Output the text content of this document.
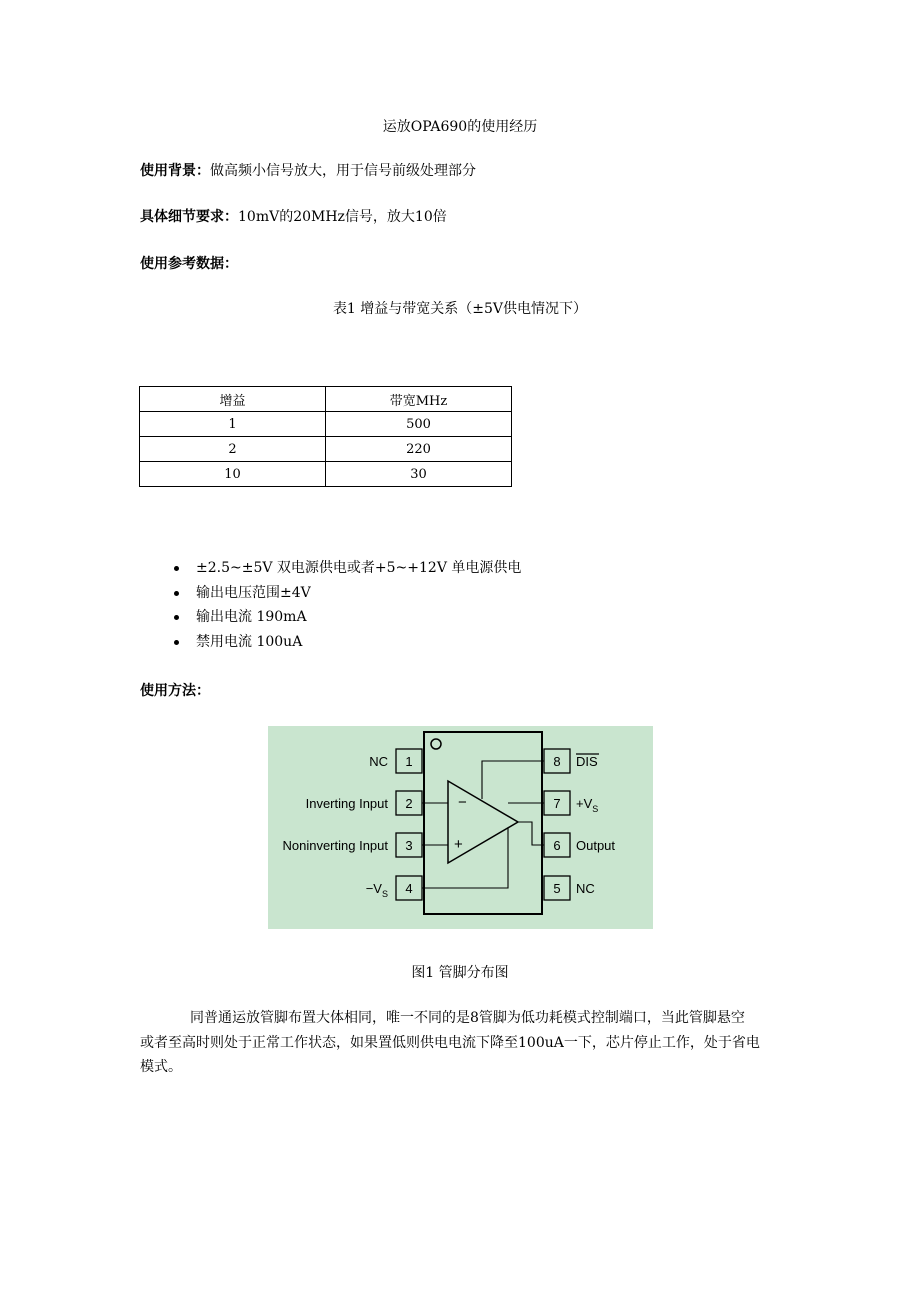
运放OPA690的使用经历
使用背景：做高频小信号放大，用于信号前级处理部分
具体细节要求：10mV的20MHz信号，放大10倍
使用参考数据：
表1 增益与带宽关系（±5V供电情况下）
增益	带宽MHz
1	500
2	220
10	30
±2.5~±5V 双电源供电或者+5~+12V 单电源供电
输出电压范围±4V
输出电流 190mA
禁用电流 100uA
使用方法：
1
2
3
4
8
7
6
5
NC
Inverting Input
Noninverting Input
$-V_S$
DIS
$+V_S$
Output
NC
−
+
图1 管脚分布图
同普通运放管脚布置大体相同，唯一不同的是8管脚为低功耗模式控制端口，当此管脚悬空
或者至高时则处于正常工作状态，如果置低则供电电流下降至100uA一下，芯片停止工作，处于省电
模式。
